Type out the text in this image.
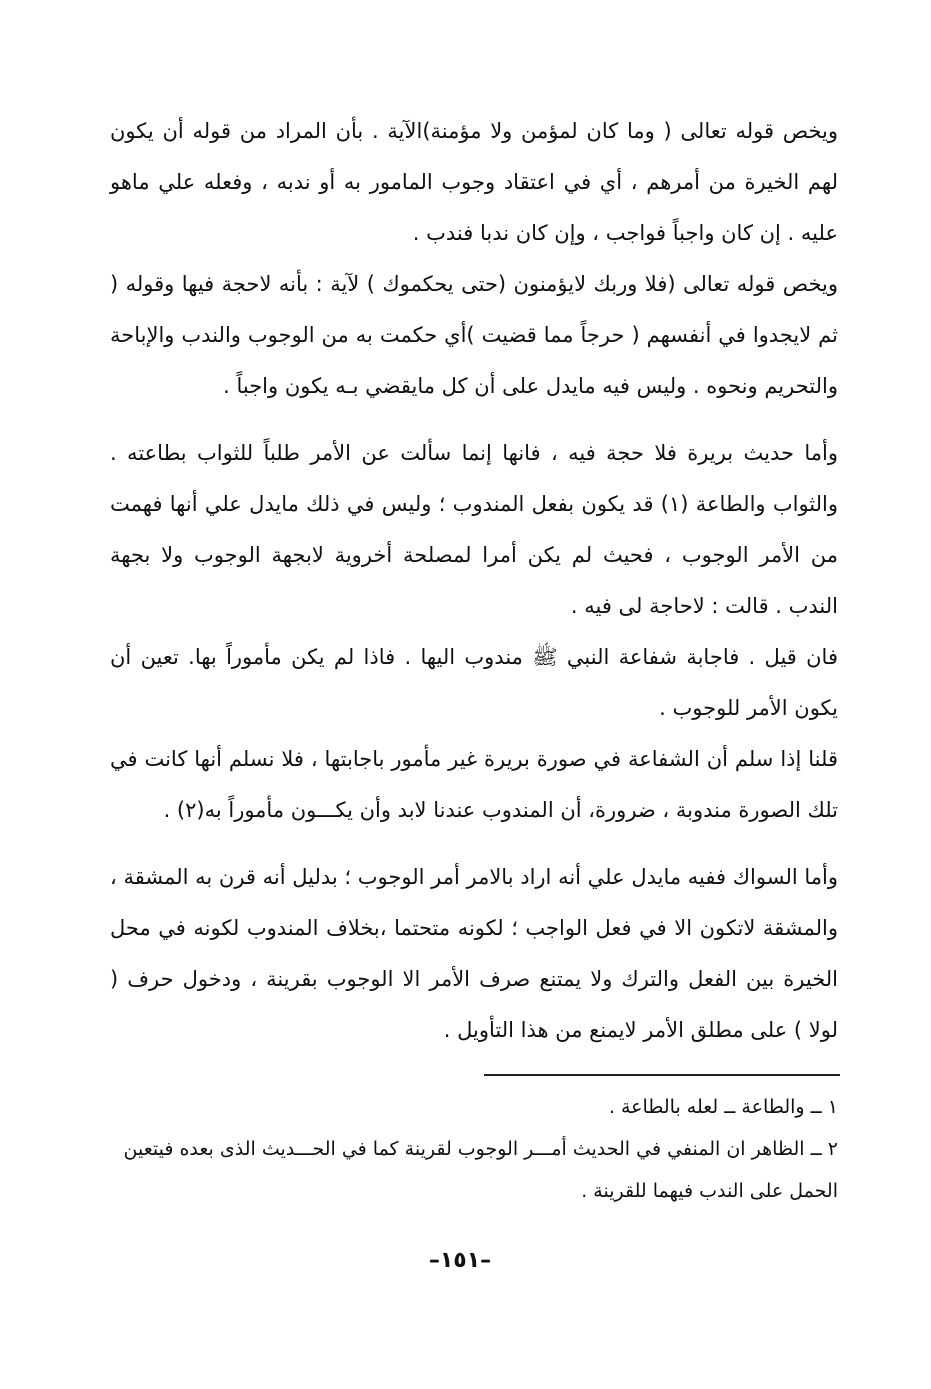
ويخص قوله تعالى ( وما كان لمؤمن ولا مؤمنة)الآية . بأن المراد من قوله أن يكون لهم الخيرة من أمرهم ، أي في اعتقاد وجوب المامور به أو ندبه ، وفعله علي ماهو عليه . إن كان واجباً فواجب ، وإن كان ندبا فندب .

ويخص قوله تعالى (فلا وربك لايؤمنون (حتى يحكموك ) لآية : بأنه لاحجة فيها وقوله ( ثم لايجدوا في أنفسهم ( حرجاً مما قضيت )أي حكمت به من الوجوب والندب والإباحة والتحريم ونحوه . وليس فيه مايدل على أن كل مايقضي بـه يكون واجباً .

وأما حديث بريرة فلا حجة فيه ، فانها إنما سألت عن الأمر طلباً للثواب بطاعته . والثواب والطاعة (١) قد يكون بفعل المندوب ؛ وليس في ذلك مايدل علي أنها فهمت من الأمر الوجوب ، فحيث لم يكن أمرا لمصلحة أخروية لابجهة الوجوب ولا بجهة الندب . قالت : لاحاجة لى فيه .

فان قيل . فاجابة شفاعة النبي ﷺ مندوب اليها . فاذا لم يكن مأموراً بها. تعين أن يكون الأمر للوجوب .

قلنا إذا سلم أن الشفاعة في صورة بريرة غير مأمور باجابتها ، فلا نسلم أنها كانت في تلك الصورة مندوبة ، ضرورة، أن المندوب عندنا لابد وأن يكـــون مأموراً به(٢) .

وأما السواك ففيه مايدل علي أنه اراد بالامر أمر الوجوب ؛ بدليل أنه قرن به المشقة ، والمشقة لاتكون الا في فعل الواجب ؛ لكونه متحتما ،بخلاف المندوب لكونه في محل الخيرة بين الفعل والترك ولا يمتنع صرف الأمر الا الوجوب بقرينة ، ودخول حرف ( لولا ) على مطلق الأمر لايمنع من هذا التأويل .

١ ــ والطاعة ــ لعله بالطاعة .

٢ ــ الظاهر ان المنفي في الحديث أمـــر الوجوب لقرينة كما في الحـــديث الذى بعده فيتعين الحمل على الندب فيهما للقرينة .

–١٥١–
